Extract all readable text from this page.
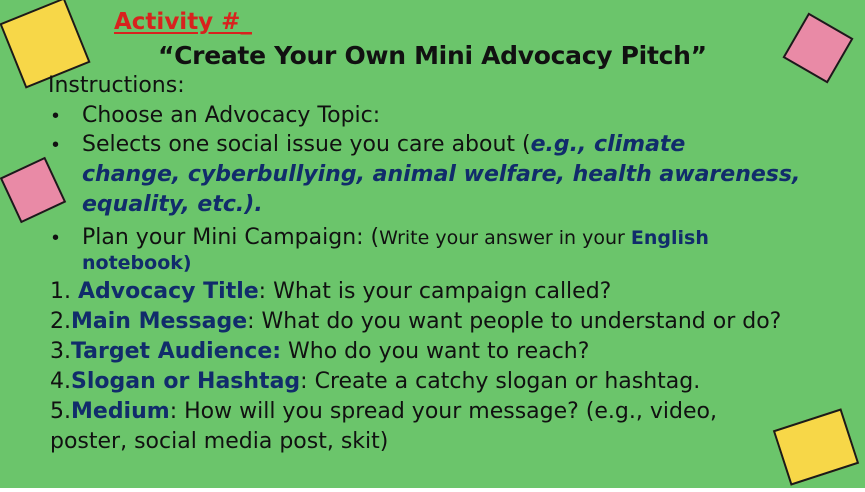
Activity #_
“Create Your Own Mini Advocacy Pitch”
Instructions:
• Choose an Advocacy Topic:
• Selects one social issue you care about (e.g., climate
change, cyberbullying, animal welfare, health awareness,
equality, etc.).
• Plan your Mini Campaign: (Write your answer in your English
notebook)
1. Advocacy Title: What is your campaign called?
2.Main Message: What do you want people to understand or do?
3.Target Audience: Who do you want to reach?
4.Slogan or Hashtag: Create a catchy slogan or hashtag.
5.Medium: How will you spread your message? (e.g., video,
poster, social media post, skit)
